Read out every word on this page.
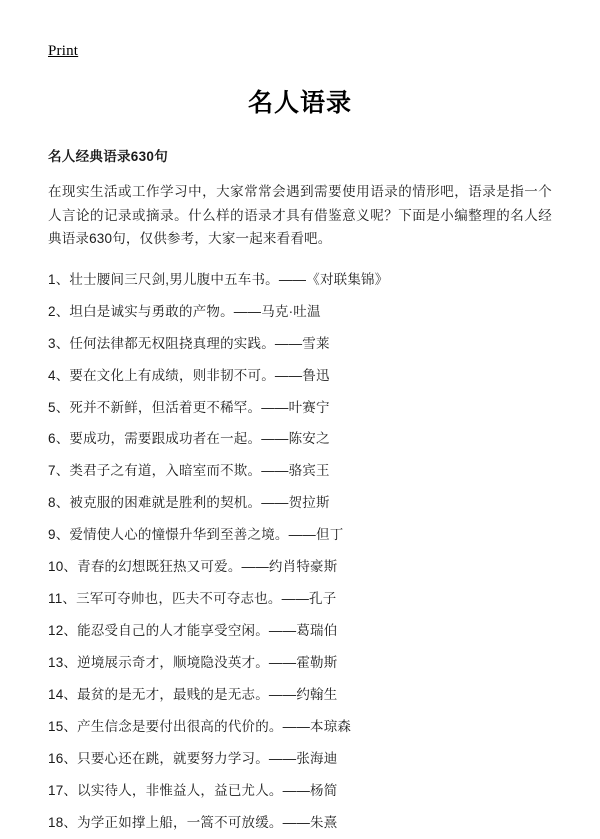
Print
名人语录
名人经典语录630句

在现实生活或工作学习中，大家常常会遇到需要使用语录的情形吧，语录是指一个人言论的记录或摘录。什么样的语录才具有借鉴意义呢？下面是小编整理的名人经典语录630句，仅供参考，大家一起来看看吧。

1、壮士腰间三尺剑,男儿腹中五车书。——《对联集锦》
2、坦白是诚实与勇敢的产物。——马克·吐温
3、任何法律都无权阻挠真理的实践。——雪莱
4、要在文化上有成绩，则非韧不可。——鲁迅
5、死并不新鲜，但活着更不稀罕。——叶赛宁
6、要成功，需要跟成功者在一起。——陈安之
7、类君子之有道，入暗室而不欺。——骆宾王
8、被克服的困难就是胜利的契机。——贺拉斯
9、爱情使人心的憧憬升华到至善之境。——但丁
10、青春的幻想既狂热又可爱。——约肖特豪斯
11、三军可夺帅也，匹夫不可夺志也。——孔子
12、能忍受自己的人才能享受空闲。——葛瑞伯
13、逆境展示奇才，顺境隐没英才。——霍勒斯
14、最贫的是无才，最贱的是无志。——约翰生
15、产生信念是要付出很高的代价的。——本琼森
16、只要心还在跳，就要努力学习。——张海迪
17、以实待人，非惟益人，益已尤人。——杨简
18、为学正如撑上船，一篙不可放缓。——朱熹
